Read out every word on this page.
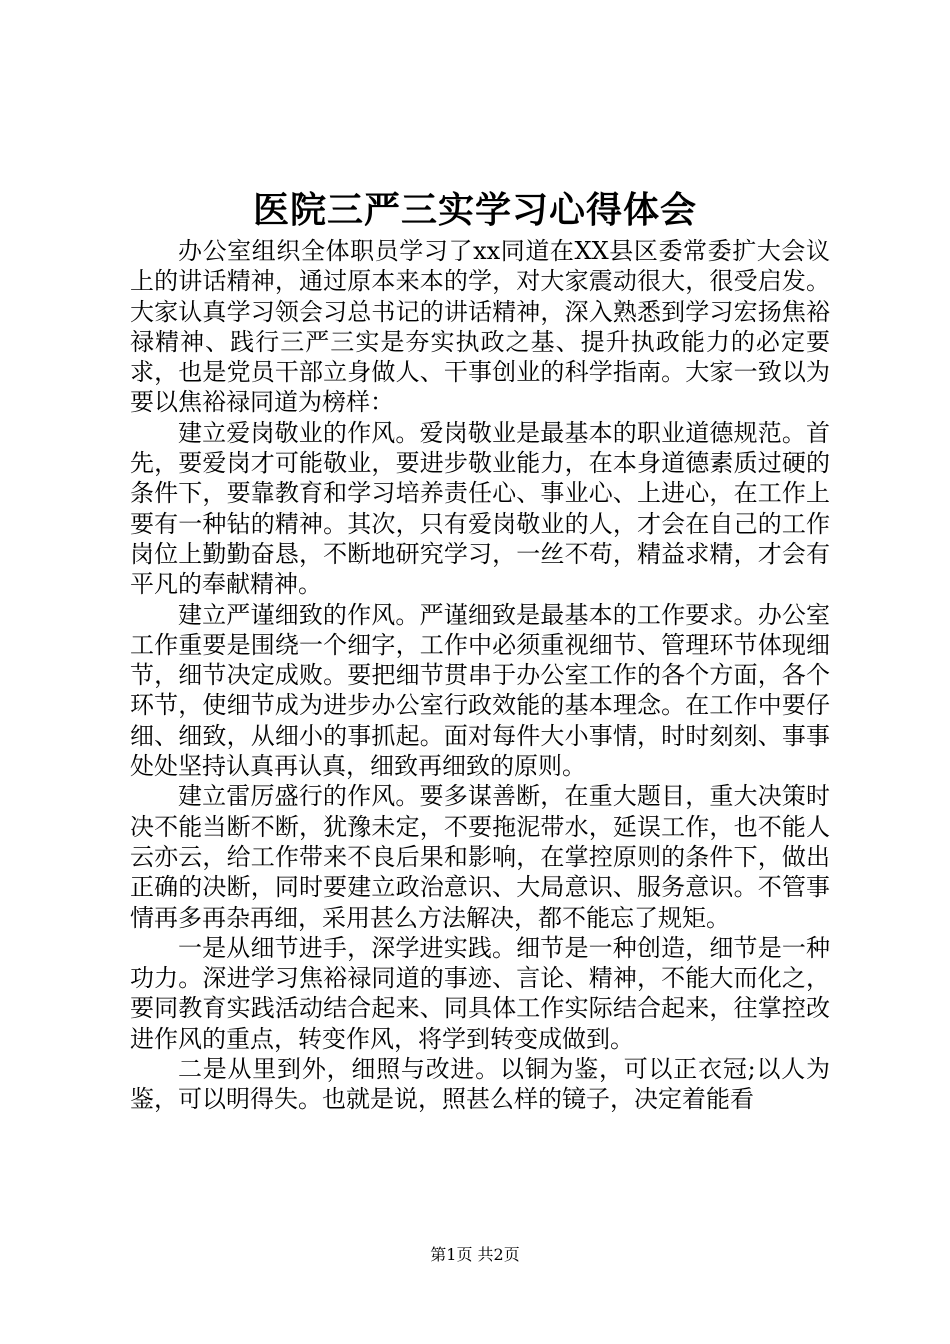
医院三严三实学习心得体会

办公室组织全体职员学习了xx同道在XX县区委常委扩大会议上的讲话精神，通过原本来本的学，对大家震动很大，很受启发。大家认真学习领会习总书记的讲话精神，深入熟悉到学习宏扬焦裕禄精神、践行三严三实是夯实执政之基、提升执政能力的必定要求，也是党员干部立身做人、干事创业的科学指南。大家一致以为要以焦裕禄同道为榜样：

建立爱岗敬业的作风。爱岗敬业是最基本的职业道德规范。首先，要爱岗才可能敬业，要进步敬业能力，在本身道德素质过硬的条件下，要靠教育和学习培养责任心、事业心、上进心，在工作上要有一种钻的精神。其次，只有爱岗敬业的人，才会在自己的工作岗位上勤勤奋恳，不断地研究学习，一丝不苟，精益求精，才会有平凡的奉献精神。

建立严谨细致的作风。严谨细致是最基本的工作要求。办公室工作重要是围绕一个细字，工作中必须重视细节、管理环节体现细节，细节决定成败。要把细节贯串于办公室工作的各个方面，各个环节，使细节成为进步办公室行政效能的基本理念。在工作中要仔细、细致，从细小的事抓起。面对每件大小事情，时时刻刻、事事处处坚持认真再认真，细致再细致的原则。

建立雷厉盛行的作风。要多谋善断，在重大题目，重大决策时决不能当断不断，犹豫未定，不要拖泥带水，延误工作，也不能人云亦云，给工作带来不良后果和影响，在掌控原则的条件下，做出正确的决断，同时要建立政治意识、大局意识、服务意识。不管事情再多再杂再细，采用甚么方法解决，都不能忘了规矩。

一是从细节进手，深学进实践。细节是一种创造，细节是一种功力。深进学习焦裕禄同道的事迹、言论、精神，不能大而化之，要同教育实践活动结合起来、同具体工作实际结合起来，往掌控改进作风的重点，转变作风，将学到转变成做到。

二是从里到外，细照与改进。以铜为鉴，可以正衣冠;以人为鉴，可以明得失。也就是说，照甚么样的镜子，决定着能看

第1页 共2页
